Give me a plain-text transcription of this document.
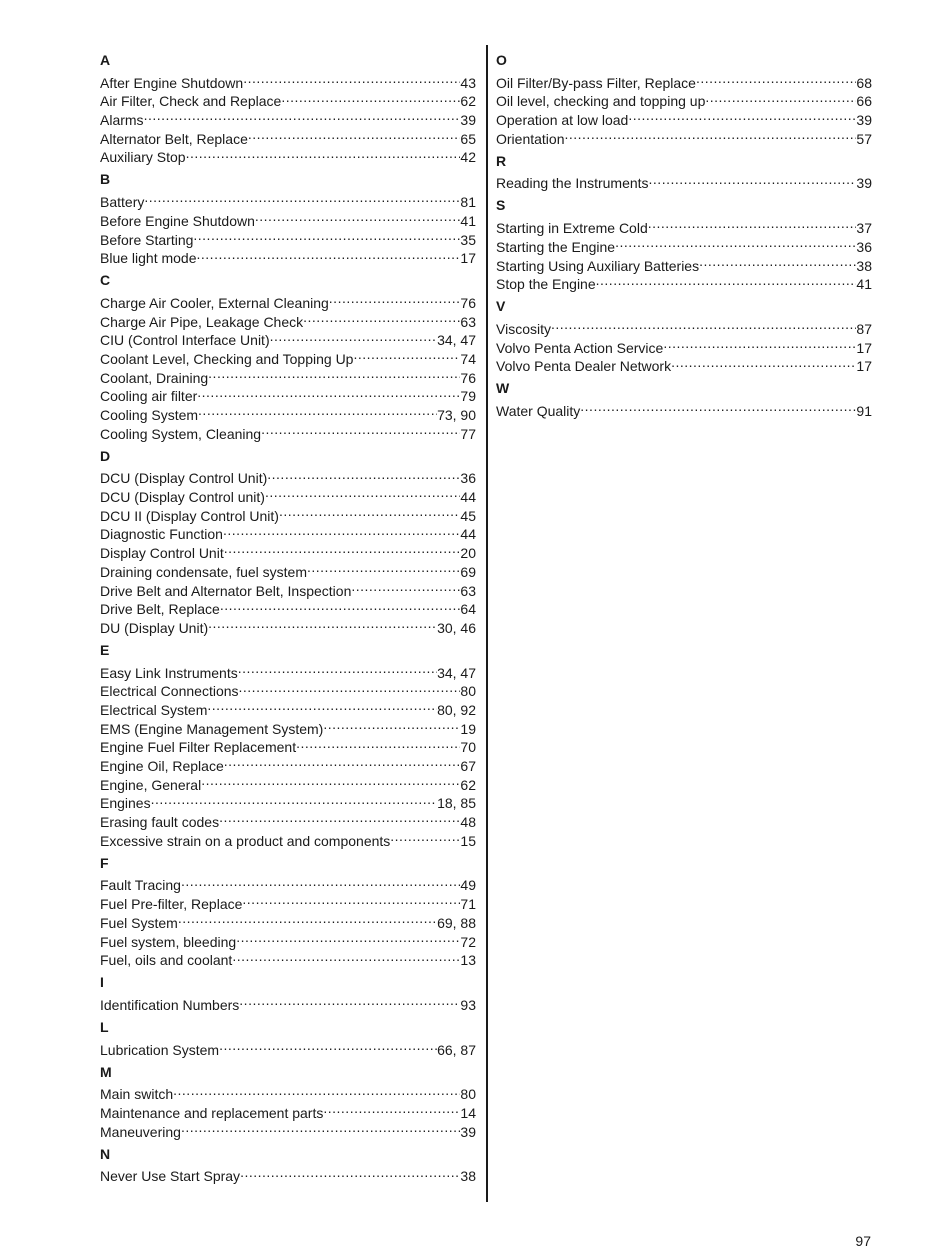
A
After Engine Shutdown .....	43
Air Filter, Check and Replace .....	62
Alarms .....	39
Alternator Belt, Replace .....	65
Auxiliary Stop .....	42
B
Battery .....	81
Before Engine Shutdown .....	41
Before Starting .....	35
Blue light mode .....	17
C
Charge Air Cooler, External Cleaning .....	76
Charge Air Pipe, Leakage Check .....	63
CIU (Control Interface Unit) .....	34, 47
Coolant Level, Checking and Topping Up .....	74
Coolant, Draining .....	76
Cooling air filter .....	79
Cooling System .....	73, 90
Cooling System, Cleaning .....	77
D
DCU (Display Control Unit) .....	36
DCU (Display Control unit) .....	44
DCU II (Display Control Unit) .....	45
Diagnostic Function .....	44
Display Control Unit .....	20
Draining condensate, fuel system .....	69
Drive Belt and Alternator Belt, Inspection .....	63
Drive Belt, Replace .....	64
DU (Display Unit) .....	30, 46
E
Easy Link Instruments .....	34, 47
Electrical Connections .....	80
Electrical System .....	80, 92
EMS (Engine Management System) .....	19
Engine Fuel Filter Replacement .....	70
Engine Oil, Replace .....	67
Engine, General .....	62
Engines .....	18, 85
Erasing fault codes .....	48
Excessive strain on a product and components .....	15
F
Fault Tracing .....	49
Fuel Pre-filter, Replace .....	71
Fuel System .....	69, 88
Fuel system, bleeding .....	72
Fuel, oils and coolant .....	13
I
Identification Numbers .....	93
L
Lubrication System .....	66, 87
M
Main switch .....	80
Maintenance and replacement parts .....	14
Maneuvering .....	39
N
Never Use Start Spray .....	38
O
Oil Filter/By-pass Filter, Replace .....	68
Oil level, checking and topping up .....	66
Operation at low load .....	39
Orientation .....	57
R
Reading the Instruments .....	39
S
Starting in Extreme Cold .....	37
Starting the Engine .....	36
Starting Using Auxiliary Batteries .....	38
Stop the Engine .....	41
V
Viscosity .....	87
Volvo Penta Action Service .....	17
Volvo Penta Dealer Network .....	17
W
Water Quality .....	91
97
